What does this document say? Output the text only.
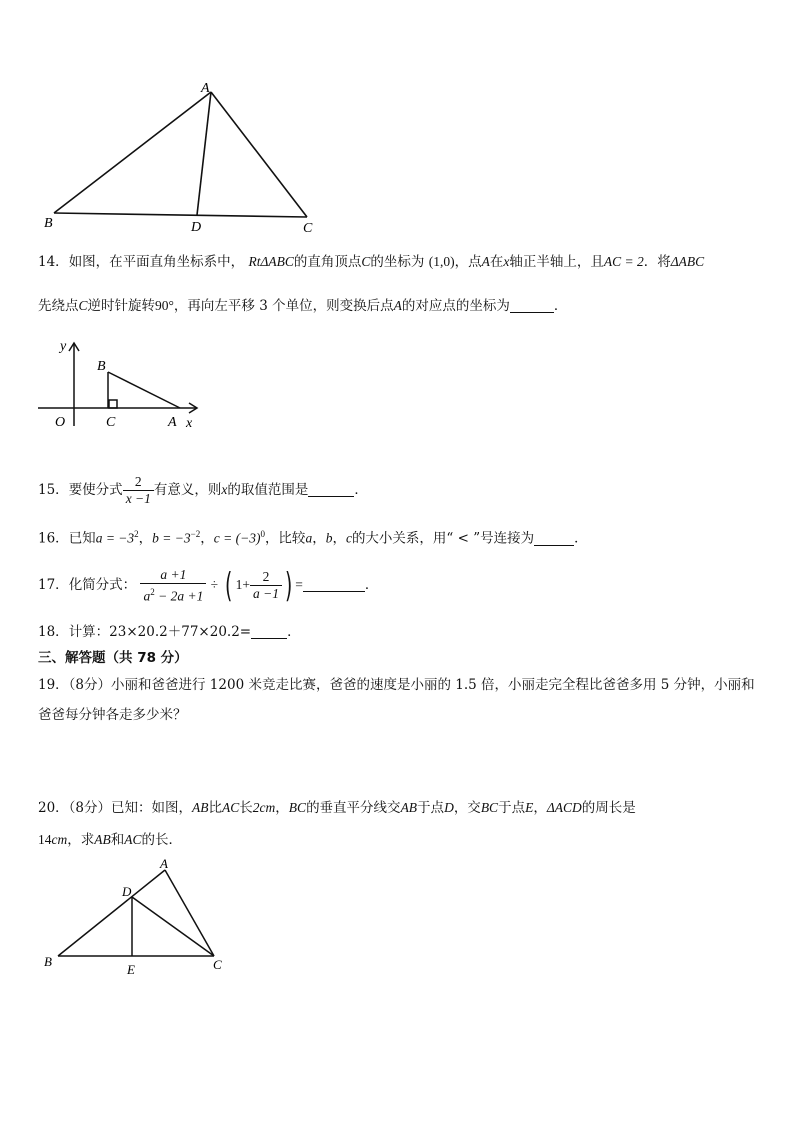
A
B	D	C
14．如图，在平面直角坐标系中， RtΔABC的直角顶点C的坐标为 (1,0)，点A在x轴正半轴上，且AC = 2．将ΔABC
先绕点C逆时针旋转90°，再向左平移 3 个单位，则变换后点A的对应点的坐标为	．
y
B
O	C	A x
15．要使分式 $\frac{2}{x -1}$ 有意义，则x的取值范围是	．
16．已知$a = -3^2$，$b = -3^{-2}$，$c = (-3)^0$，比较a，b，c的大小关系，用“ < ”号连接为	．
17．化简分式： $\frac{a +1}{a^2 - 2a +1}$ ÷ ( $1+ \frac{2}{a -1}$ ) =	．
18．计算：23×20.2＋77×20.2=	．
三、解答题（共 78 分）
19．（8分）小丽和爸爸进行 1200 米竞走比赛，爸爸的速度是小丽的 1.5 倍，小丽走完全程比爸爸多用 5 分钟，小丽和
爸爸每分钟各走多少米？
20．（8分）已知：如图，AB比AC长2cm，BC的垂直平分线交AB于点D，交BC于点E，ΔACD的周长是
14cm，求AB和AC的长．
A
D
B
E	C
